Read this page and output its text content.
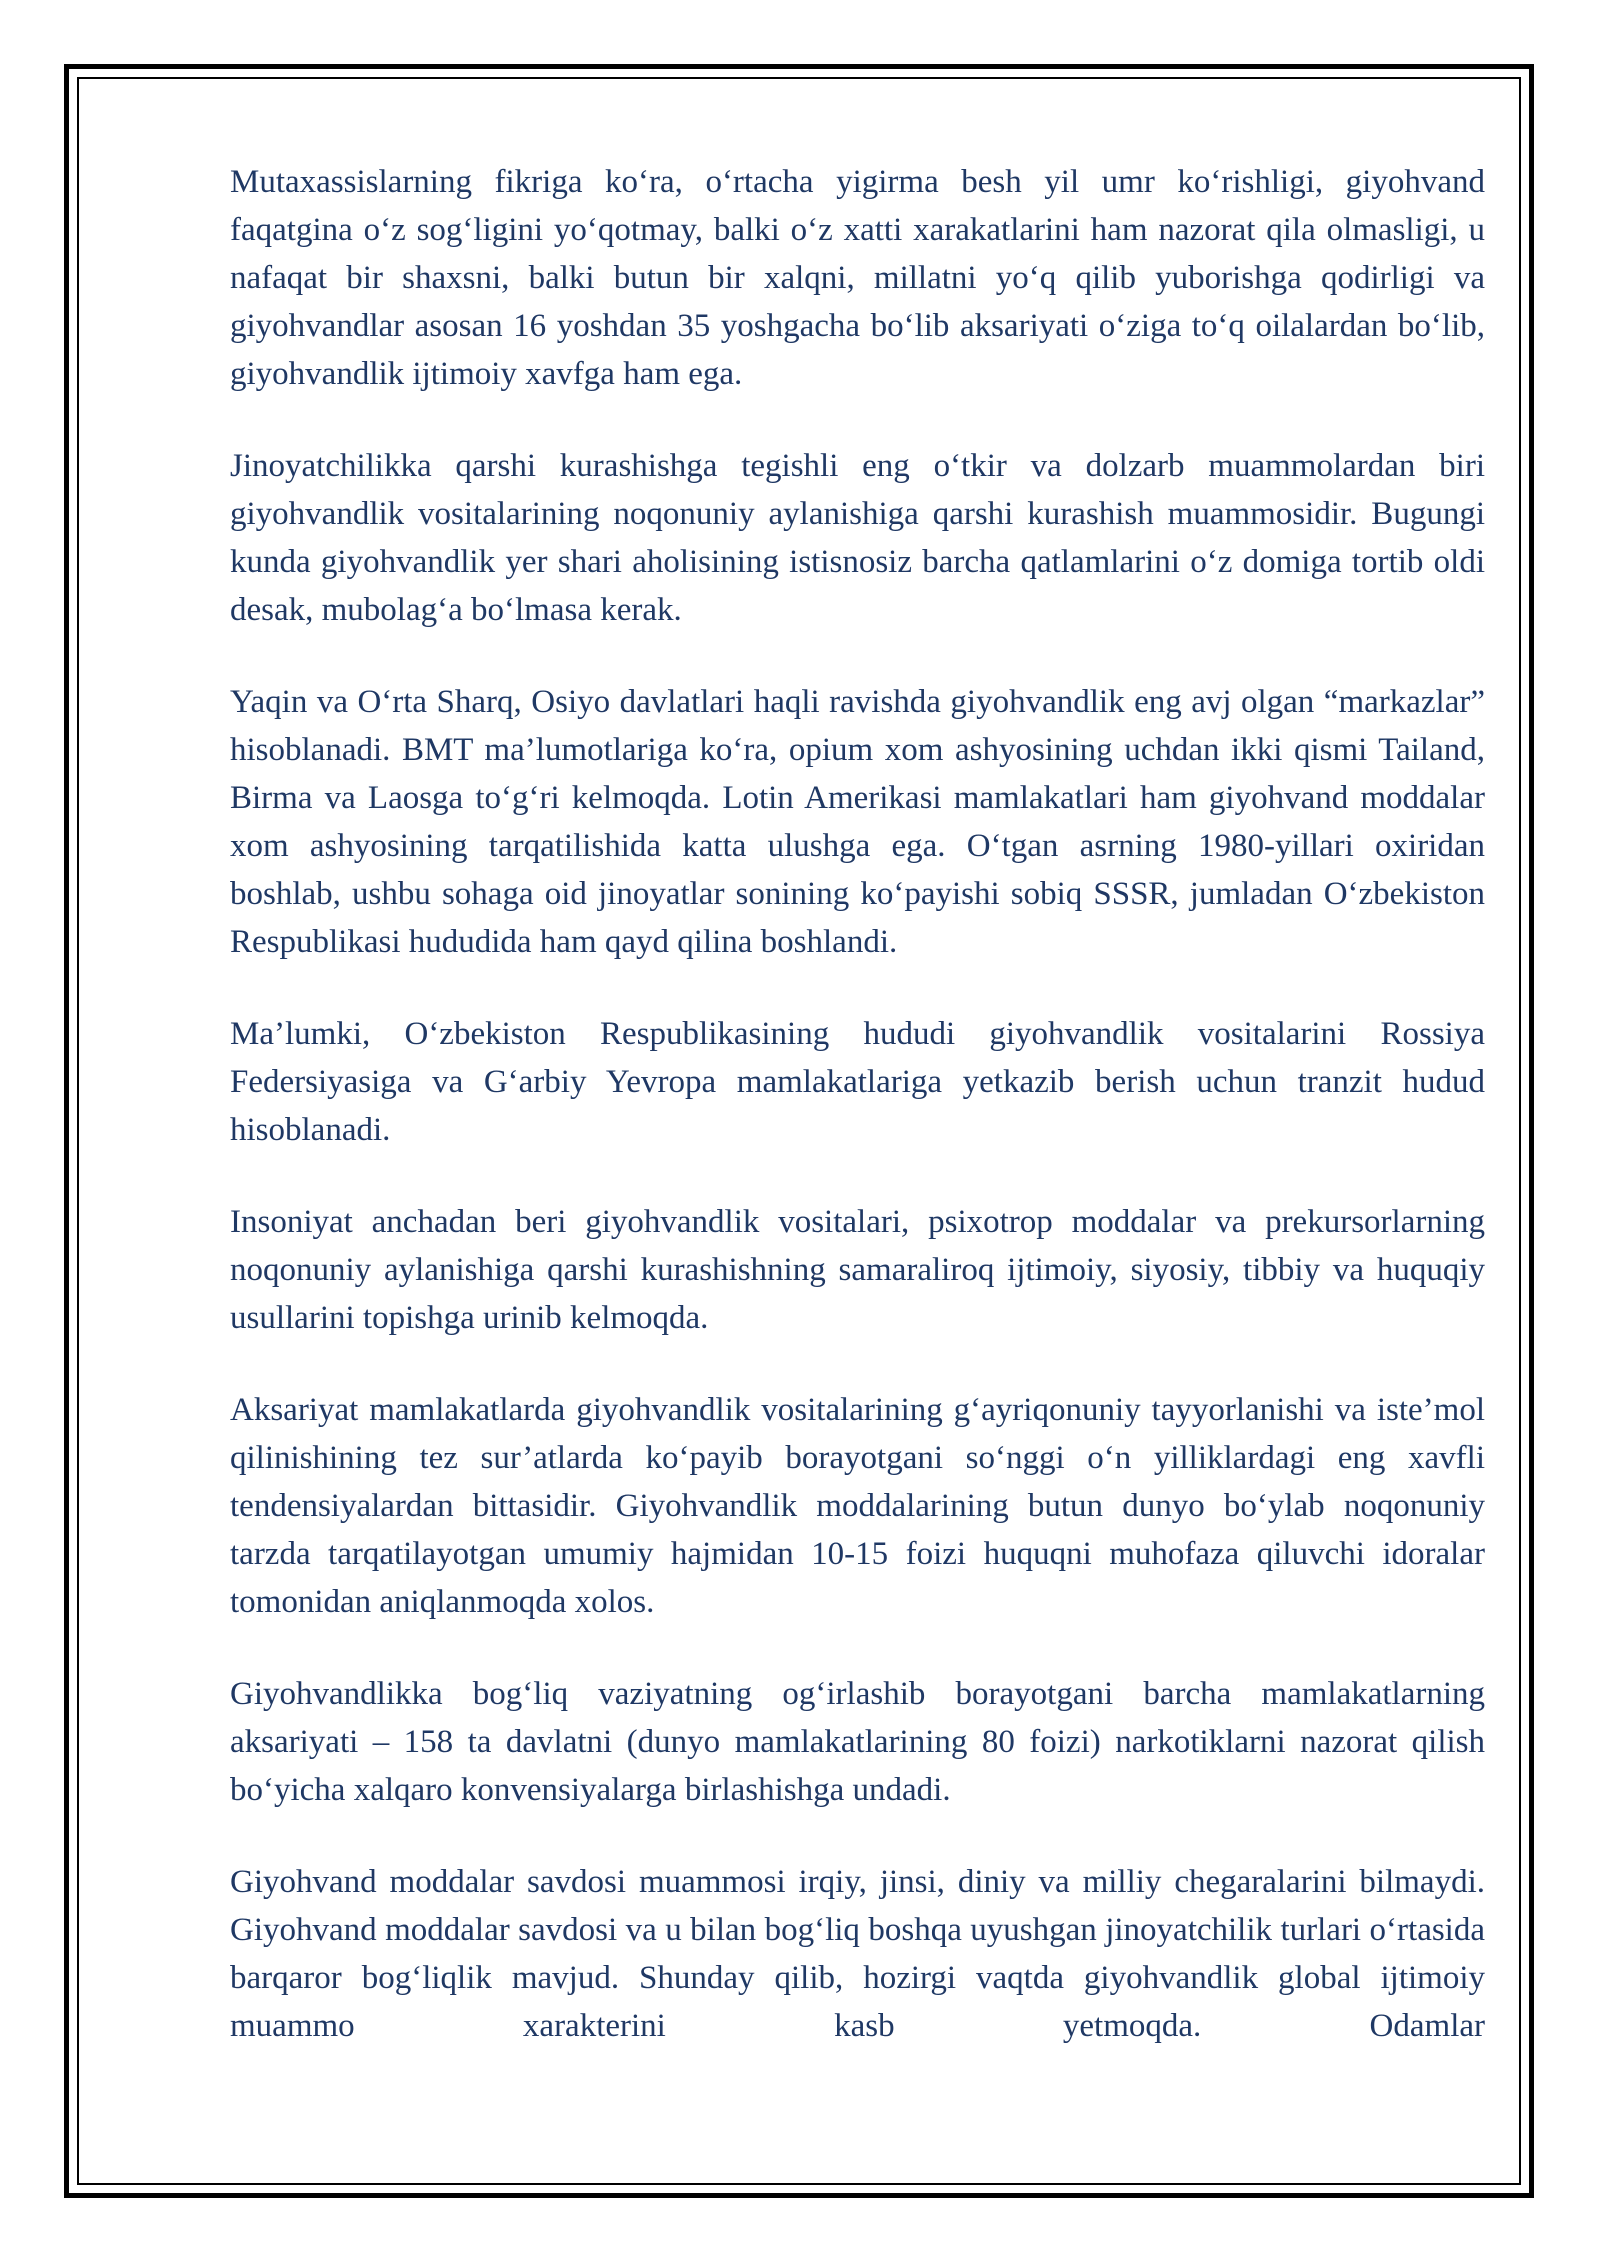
Mutaxassislarning fikriga ko‘ra, o‘rtacha yigirma besh yil umr ko‘rishligi, giyohvand faqatgina o‘z sog‘ligini yo‘qotmay, balki o‘z xatti xarakatlarini ham nazorat qila olmasligi, u nafaqat bir shaxsni, balki butun bir xalqni, millatni yo‘q qilib yuborishga qodirligi va giyohvandlar asosan 16 yoshdan 35 yoshgacha bo‘lib aksariyati o‘ziga to‘q oilalardan bo‘lib, giyohvandlik ijtimoiy xavfga ham ega.

Jinoyatchilikka qarshi kurashishga tegishli eng o‘tkir va dolzarb muammolardan biri giyohvandlik vositalarining noqonuniy aylanishiga qarshi kurashish muammosidir. Bugungi kunda giyohvandlik yer shari aholisining istisnosiz barcha qatlamlarini o‘z domiga tortib oldi desak, mubolag‘a bo‘lmasa kerak.

Yaqin va O‘rta Sharq, Osiyo davlatlari haqli ravishda giyohvandlik eng avj olgan “markazlar” hisoblanadi. BMT ma’lumotlariga ko‘ra, opium xom ashyosining uchdan ikki qismi Tailand, Birma va Laosga to‘g‘ri kelmoqda. Lotin Amerikasi mamlakatlari ham giyohvand moddalar xom ashyosining tarqatilishida katta ulushga ega. O‘tgan asrning 1980-yillari oxiridan boshlab, ushbu sohaga oid jinoyatlar sonining ko‘payishi sobiq SSSR, jumladan O‘zbekiston Respublikasi hududida ham qayd qilina boshlandi.

Ma’lumki, O‘zbekiston Respublikasining hududi giyohvandlik vositalarini Rossiya Federsiyasiga va G‘arbiy Yevropa mamlakatlariga yetkazib berish uchun tranzit hudud hisoblanadi.

Insoniyat anchadan beri giyohvandlik vositalari, psixotrop moddalar va prekursorlarning noqonuniy aylanishiga qarshi kurashishning samaraliroq ijtimoiy, siyosiy, tibbiy va huquqiy usullarini topishga urinib kelmoqda.

Aksariyat mamlakatlarda giyohvandlik vositalarining g‘ayriqonuniy tayyorlanishi va iste’mol qilinishining tez sur’atlarda ko‘payib borayotgani so‘nggi o‘n yilliklardagi eng xavfli tendensiyalardan bittasidir. Giyohvandlik moddalarining butun dunyo bo‘ylab noqonuniy tarzda tarqatilayotgan umumiy hajmidan 10-15 foizi huquqni muhofaza qiluvchi idoralar tomonidan aniqlanmoqda xolos.

Giyohvandlikka bog‘liq vaziyatning og‘irlashib borayotgani barcha mamlakatlarning aksariyati – 158 ta davlatni (dunyo mamlakatlarining 80 foizi) narkotiklarni nazorat qilish bo‘yicha xalqaro konvensiyalarga birlashishga undadi.

Giyohvand moddalar savdosi muammosi irqiy, jinsi, diniy va milliy chegaralarini bilmaydi. Giyohvand moddalar savdosi va u bilan bog‘liq boshqa uyushgan jinoyatchilik turlari o‘rtasida barqaror bog‘liqlik mavjud. Shunday qilib, hozirgi vaqtda giyohvandlik global ijtimoiy muammo xarakterini kasb yetmoqda. Odamlar
